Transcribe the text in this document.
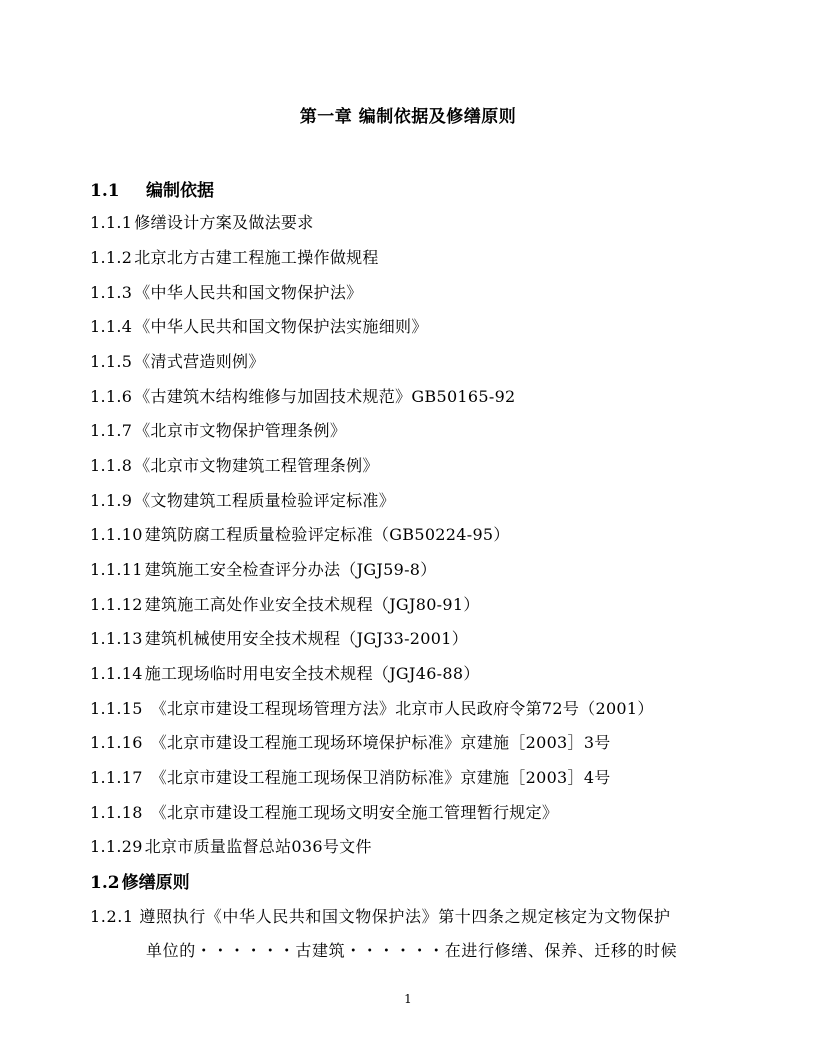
第一章 编制依据及修缮原则
1.1 编制依据
1.1.1 修缮设计方案及做法要求
1.1.2 北京北方古建工程施工操作做规程
1.1.3 《中华人民共和国文物保护法》
1.1.4 《中华人民共和国文物保护法实施细则》
1.1.5 《清式营造则例》
1.1.6 《古建筑木结构维修与加固技术规范》GB50165-92
1.1.7 《北京市文物保护管理条例》
1.1.8 《北京市文物建筑工程管理条例》
1.1.9 《文物建筑工程质量检验评定标准》
1.1.10 建筑防腐工程质量检验评定标准（GB50224-95）
1.1.11 建筑施工安全检查评分办法（JGJ59-8）
1.1.12 建筑施工高处作业安全技术规程（JGJ80-91）
1.1.13 建筑机械使用安全技术规程（JGJ33-2001）
1.1.14 施工现场临时用电安全技术规程（JGJ46-88）
1.1.15 《北京市建设工程现场管理方法》北京市人民政府令第72号（2001）
1.1.16 《北京市建设工程施工现场环境保护标准》京建施［2003］3号
1.1.17 《北京市建设工程施工现场保卫消防标准》京建施［2003］4号
1.1.18 《北京市建设工程施工现场文明安全施工管理暂行规定》
1.1.29 北京市质量监督总站036号文件
1.2 修缮原则
1.2.1 遵照执行《中华人民共和国文物保护法》第十四条之规定核定为文物保护
单位的・・・・・・古建筑・・・・・・在进行修缮、保养、迁移的时候
1
